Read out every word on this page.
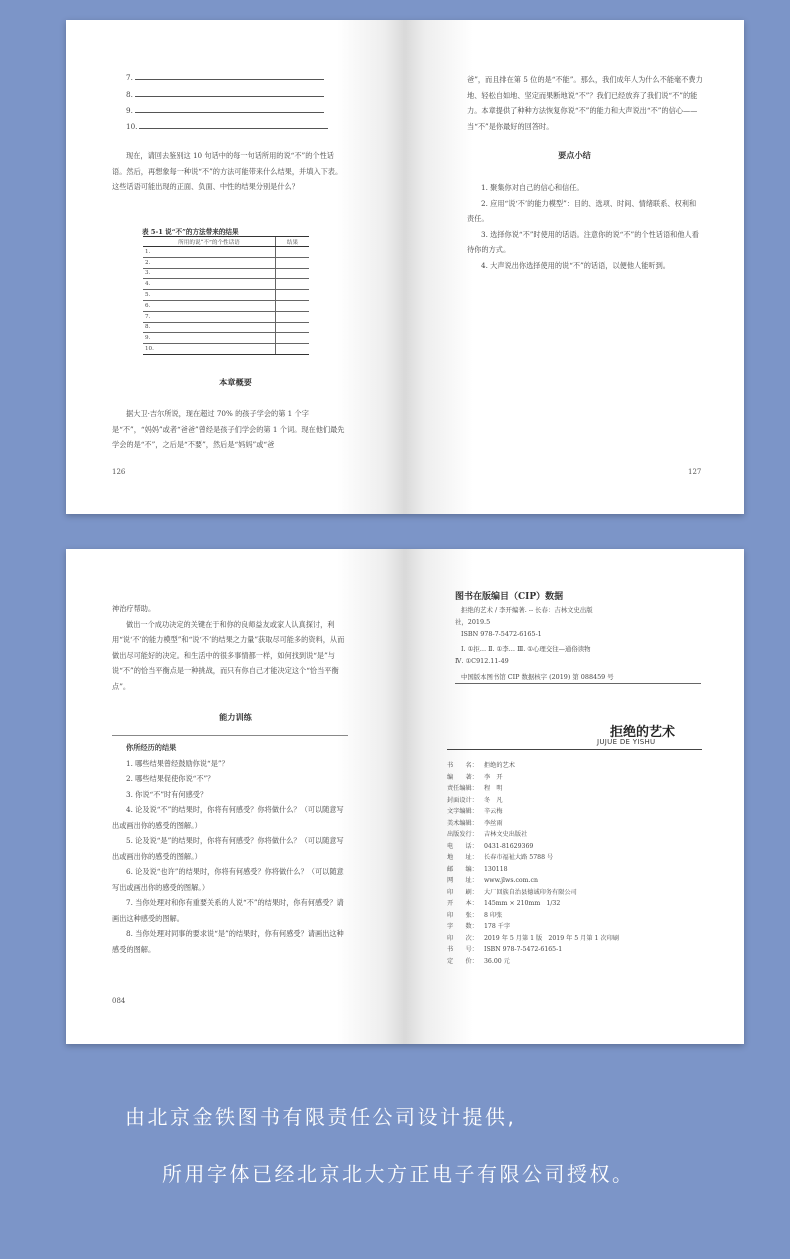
7.
8.
9.
10.

现在，请回去鉴别这 10 句话中的每一句话所用的说“不”的个性话语。然后，再想象每一种说“不”的方法可能带来什么结果，并填入下表。这些话语可能出现的正面、负面、中性的结果分别是什么？

表 5-1 说“不”的方法带来的结果
所用的说“不”的个性话语	结果
1.	
2.	
3.	
4.	
5.	
6.	
7.	
8.	
9.	
10.	
本章概要

据大卫·吉尔所说，现在超过 70% 的孩子学会的第 1 个字是“不”，“妈妈”或者“爸爸”曾经是孩子们学会的第 1 个词。现在他们最先学会的是“不”，之后是“不要”，然后是“妈妈”或“爸

126

爸”，而且排在第 5 位的是“不能”。那么，我们成年人为什么不能毫不费力地、轻松自如地、坚定而果断地说“不”？我们已经放弃了我们说“不”的能力。本章提供了种种方法恢复你说“不”的能力和大声说出“不”的信心——当“不”是你最好的回答时。

要点小结

1. 聚集你对自己的信心和信任。

2. 应用“说‘不’的能力模型”：目的、选项、时间、情绪联系、权利和责任。

3. 选择你说“不”时使用的话语。注意你的说“不”的个性话语和他人看待你的方式。

4. 大声说出你选择使用的说“不”的话语，以便他人能听到。

127

神治疗帮助。

做出一个成功决定的关键在于和你的良师益友或家人认真探讨，利用“说‘不’的能力模型”和“说‘不’的结果之力量”获取尽可能多的资料，从而做出尽可能好的决定。和生活中的很多事情都一样，如何找到说“是”与说“不”的恰当平衡点是一种挑战，而只有你自己才能决定这个“恰当平衡点”。

能力训练

你所经历的结果

1. 哪些结果曾经鼓励你说“是”？

2. 哪些结果促使你说“不”？

3. 你说“不”时有何感受？

4. 论及说“不”的结果时，你将有何感受？你将做什么？（可以随意写出或画出你的感受的图解。）

5. 论及说“是”的结果时，你将有何感受？你将做什么？（可以随意写出或画出你的感受的图解。）

6. 论及说“也许”的结果时，你将有何感受？你将做什么？（可以随意写出或画出你的感受的图解。）

7. 当你处理对和你有重要关系的人说“不”的结果时，你有何感受？请画出这种感受的图解。

8. 当你处理对同事的要求说“是”的结果时，你有何感受？请画出这种感受的图解。

084
图书在版编目（CIP）数据
拒绝的艺术 / 李开编著. -- 长春：吉林文史出版
社，2019.5
ISBN 978-7-5472-6165-1
Ⅰ. ①拒… Ⅱ. ①李… Ⅲ. ①心理交往—通俗读物
Ⅳ. ①C912.11-49
中国版本图书馆 CIP 数据核字 (2019) 第 088459 号
拒绝的艺术
JUJUE DE YISHU
书　　名： 拒绝的艺术
编　　著： 李　开
责任编辑： 程　明
封面设计： 冬　凡
文字编辑： 辛云梅
美术编辑： 李丝雨
出版发行： 吉林文史出版社
电　　话： 0431-81629369
地　　址： 长春市福祉大路 5788 号
邮　　编： 130118
网　　址： www.jlws.com.cn
印　　刷： 大厂回族自治县德诚印务有限公司
开　　本： 145mm × 210mm　1/32
印　　张： 8 印张
字　　数： 178 千字
印　　次： 2019 年 5 月第 1 版　2019 年 5 月第 1 次印刷
书　　号： ISBN 978-7-5472-6165-1
定　　价： 36.00 元
由北京金铁图书有限责任公司设计提供,
所用字体已经北京北大方正电子有限公司授权。
